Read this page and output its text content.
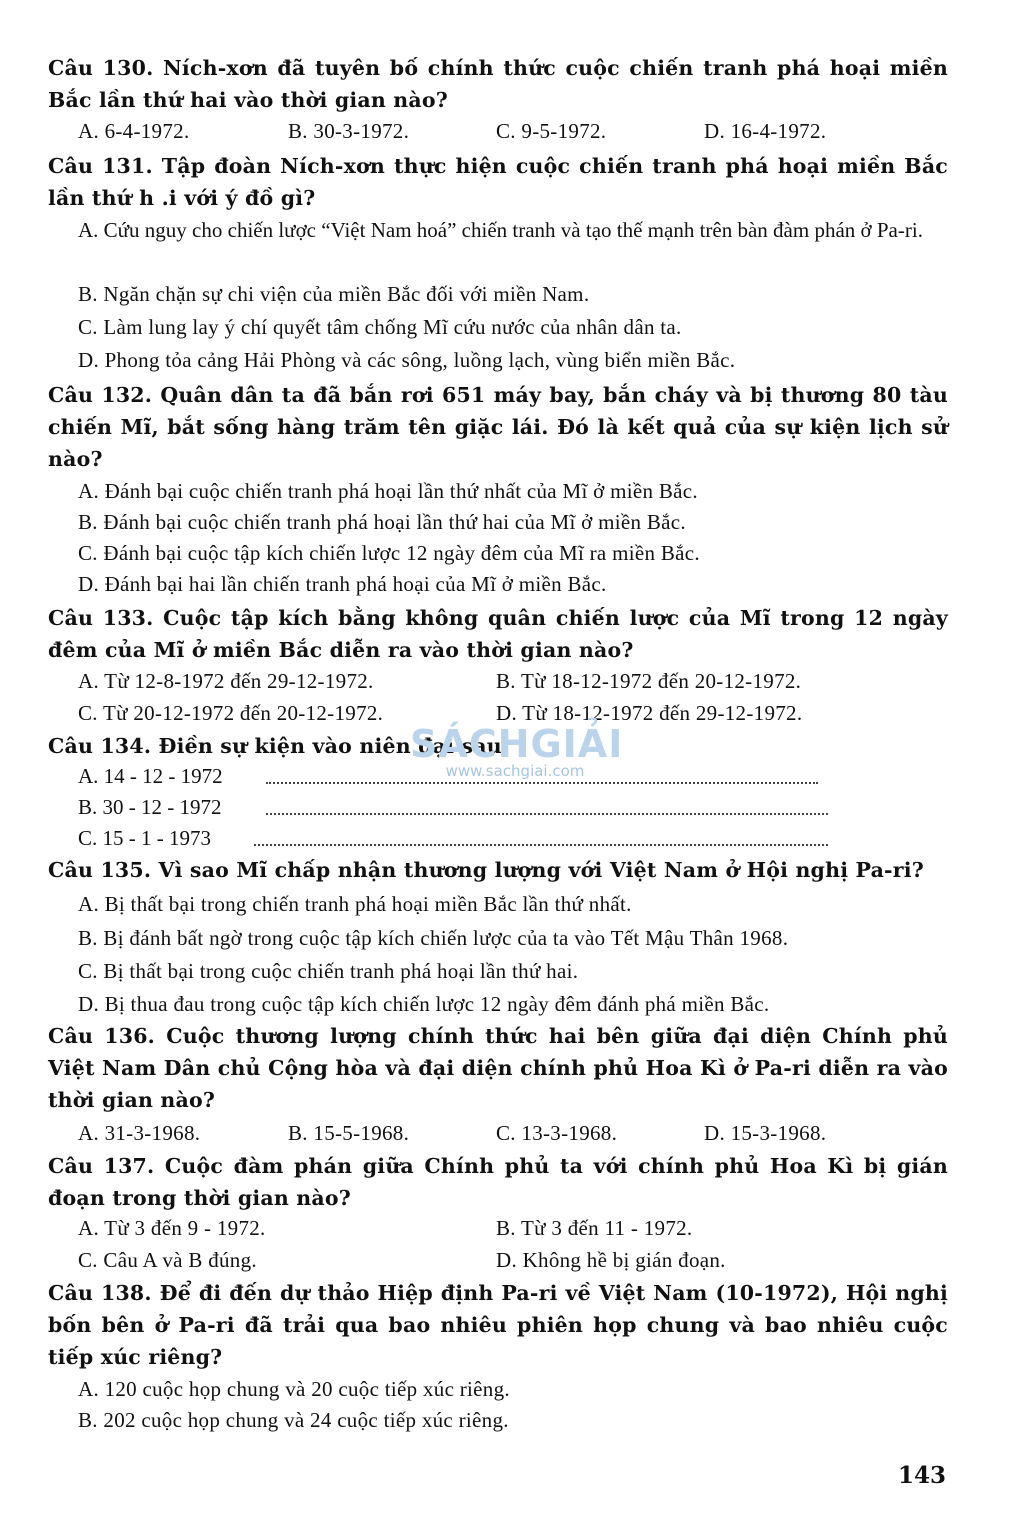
Câu 130. Ních-xơn đã tuyên bố chính thức cuộc chiến tranh phá hoại miền Bắc lần thứ hai vào thời gian nào?
A. 6-4-1972.	B. 30-3-1972.	C. 9-5-1972.	D. 16-4-1972.
Câu 131. Tập đoàn Ních-xơn thực hiện cuộc chiến tranh phá hoại miền Bắc lần thứ h .i với ý đồ gì?
A. Cứu nguy cho chiến lược “Việt Nam hoá” chiến tranh và tạo thế mạnh trên bàn đàm phán ở Pa-ri.
B. Ngăn chặn sự chi viện của miền Bắc đối với miền Nam.
C. Làm lung lay ý chí quyết tâm chống Mĩ cứu nước của nhân dân ta.
D. Phong tỏa cảng Hải Phòng và các sông, luồng lạch, vùng biển miền Bắc.
Câu 132. Quân dân ta đã bắn rơi 651 máy bay, bắn cháy và bị thương 80 tàu chiến Mĩ, bắt sống hàng trăm tên giặc lái. Đó là kết quả của sự kiện lịch sử nào?
A. Đánh bại cuộc chiến tranh phá hoại lần thứ nhất của Mĩ ở miền Bắc.
B. Đánh bại cuộc chiến tranh phá hoại lần thứ hai của Mĩ ở miền Bắc.
C. Đánh bại cuộc tập kích chiến lược 12 ngày đêm của Mĩ ra miền Bắc.
D. Đánh bại hai lần chiến tranh phá hoại của Mĩ ở miền Bắc.
Câu 133. Cuộc tập kích bằng không quân chiến lược của Mĩ trong 12 ngày đêm của Mĩ ở miền Bắc diễn ra vào thời gian nào?
A. Từ 12-8-1972 đến 29-12-1972.	B. Từ 18-12-1972 đến 20-12-1972.
C. Từ 20-12-1972 đến 20-12-1972.	D. Từ 18-12-1972 đến 29-12-1972.
Câu 134. Điền sự kiện vào niên đại sau:
A. 14 - 12 - 1972
B. 30 - 12 - 1972
C. 15 - 1 - 1973
SÁCHGIẢI
www.sachgiai.com
Câu 135. Vì sao Mĩ chấp nhận thương lượng với Việt Nam ở Hội nghị Pa-ri?
A. Bị thất bại trong chiến tranh phá hoại miền Bắc lần thứ nhất.
B. Bị đánh bất ngờ trong cuộc tập kích chiến lược của ta vào Tết Mậu Thân 1968.
C. Bị thất bại trong cuộc chiến tranh phá hoại lần thứ hai.
D. Bị thua đau trong cuộc tập kích chiến lược 12 ngày đêm đánh phá miền Bắc.
Câu 136. Cuộc thương lượng chính thức hai bên giữa đại diện Chính phủ Việt Nam Dân chủ Cộng hòa và đại diện chính phủ Hoa Kì ở Pa-ri diễn ra vào thời gian nào?
A. 31-3-1968.	B. 15-5-1968.	C. 13-3-1968.	D. 15-3-1968.
Câu 137. Cuộc đàm phán giữa Chính phủ ta với chính phủ Hoa Kì bị gián đoạn trong thời gian nào?
A. Từ 3 đến 9 - 1972.	B. Từ 3 đến 11 - 1972.
C. Câu A và B đúng.	D. Không hề bị gián đoạn.
Câu 138. Để đi đến dự thảo Hiệp định Pa-ri về Việt Nam (10-1972), Hội nghị bốn bên ở Pa-ri đã trải qua bao nhiêu phiên họp chung và bao nhiêu cuộc tiếp xúc riêng?
A. 120 cuộc họp chung và 20 cuộc tiếp xúc riêng.
B. 202 cuộc họp chung và 24 cuộc tiếp xúc riêng.
143
